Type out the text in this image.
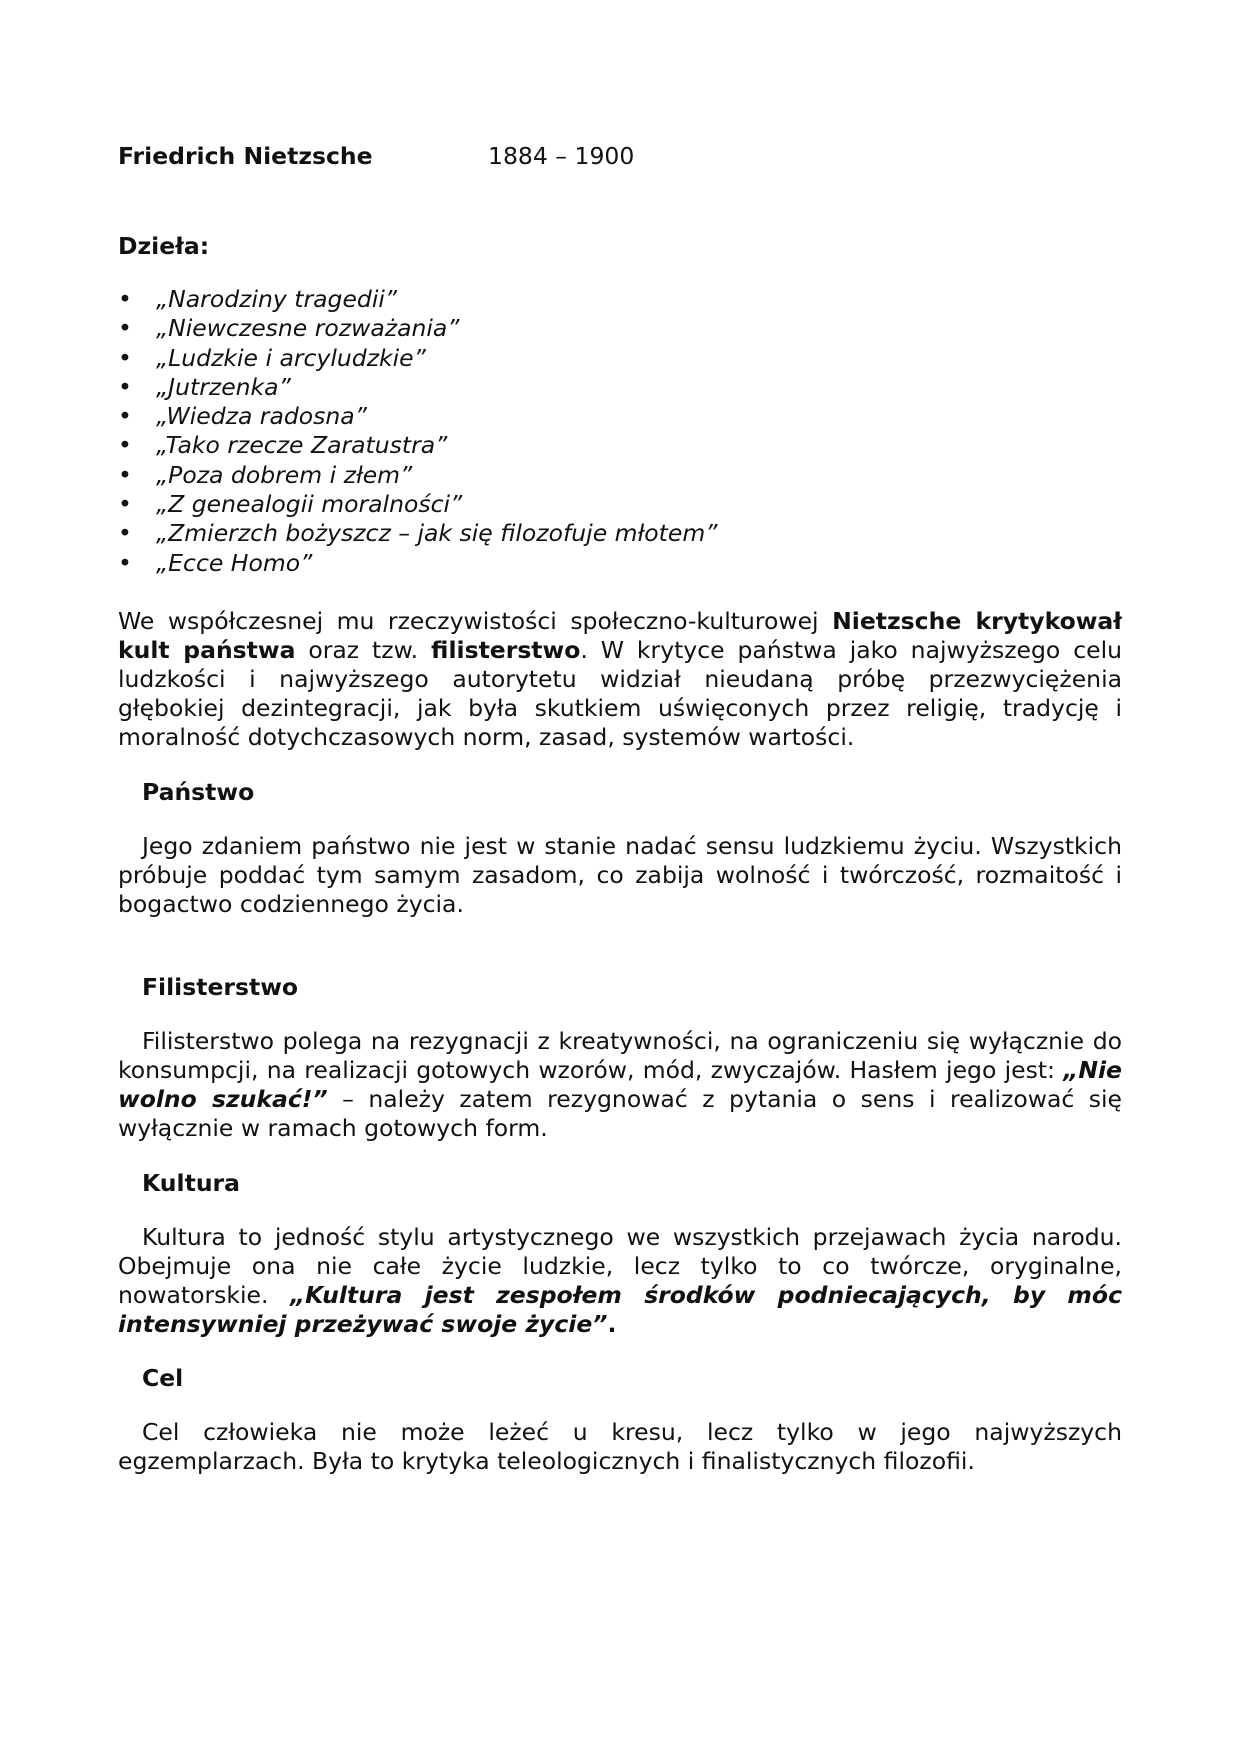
Friedrich Nietzsche	1884 – 1900
Dzieła:
• „Narodziny tragedii”
• „Niewczesne rozważania”
• „Ludzkie i arcyludzkie”
• „Jutrzenka”
• „Wiedza radosna”
• „Tako rzecze Zaratustra”
• „Poza dobrem i złem”
• „Z genealogii moralności”
• „Zmierzch bożyszcz – jak się filozofuje młotem”
• „Ecce Homo”

We współczesnej mu rzeczywistości społeczno-kulturowej Nietzsche krytykował kult państwa oraz tzw. filisterstwo. W krytyce państwa jako najwyższego celu ludzkości i najwyższego autorytetu widział nieudaną próbę przezwyciężenia głębokiej dezintegracji, jak była skutkiem uświęconych przez religię, tradycję i moralność dotychczasowych norm, zasad, systemów wartości.

Państwo

Jego zdaniem państwo nie jest w stanie nadać sensu ludzkiemu życiu. Wszystkich próbuje poddać tym samym zasadom, co zabija wolność i twórczość, rozmaitość i bogactwo codziennego życia.

Filisterstwo

Filisterstwo polega na rezygnacji z kreatywności, na ograniczeniu się wyłącznie do konsumpcji, na realizacji gotowych wzorów, mód, zwyczajów. Hasłem jego jest: „Nie wolno szukać!” – należy zatem rezygnować z pytania o sens i realizować się wyłącznie w ramach gotowych form.

Kultura

Kultura to jedność stylu artystycznego we wszystkich przejawach życia narodu. Obejmuje ona nie całe życie ludzkie, lecz tylko to co twórcze, oryginalne, nowatorskie. „Kultura jest zespołem środków podniecających, by móc intensywniej przeżywać swoje życie”.

Cel

Cel człowieka nie może leżeć u kresu, lecz tylko w jego najwyższych egzemplarzach. Była to krytyka teleologicznych i finalistycznych filozofii.
